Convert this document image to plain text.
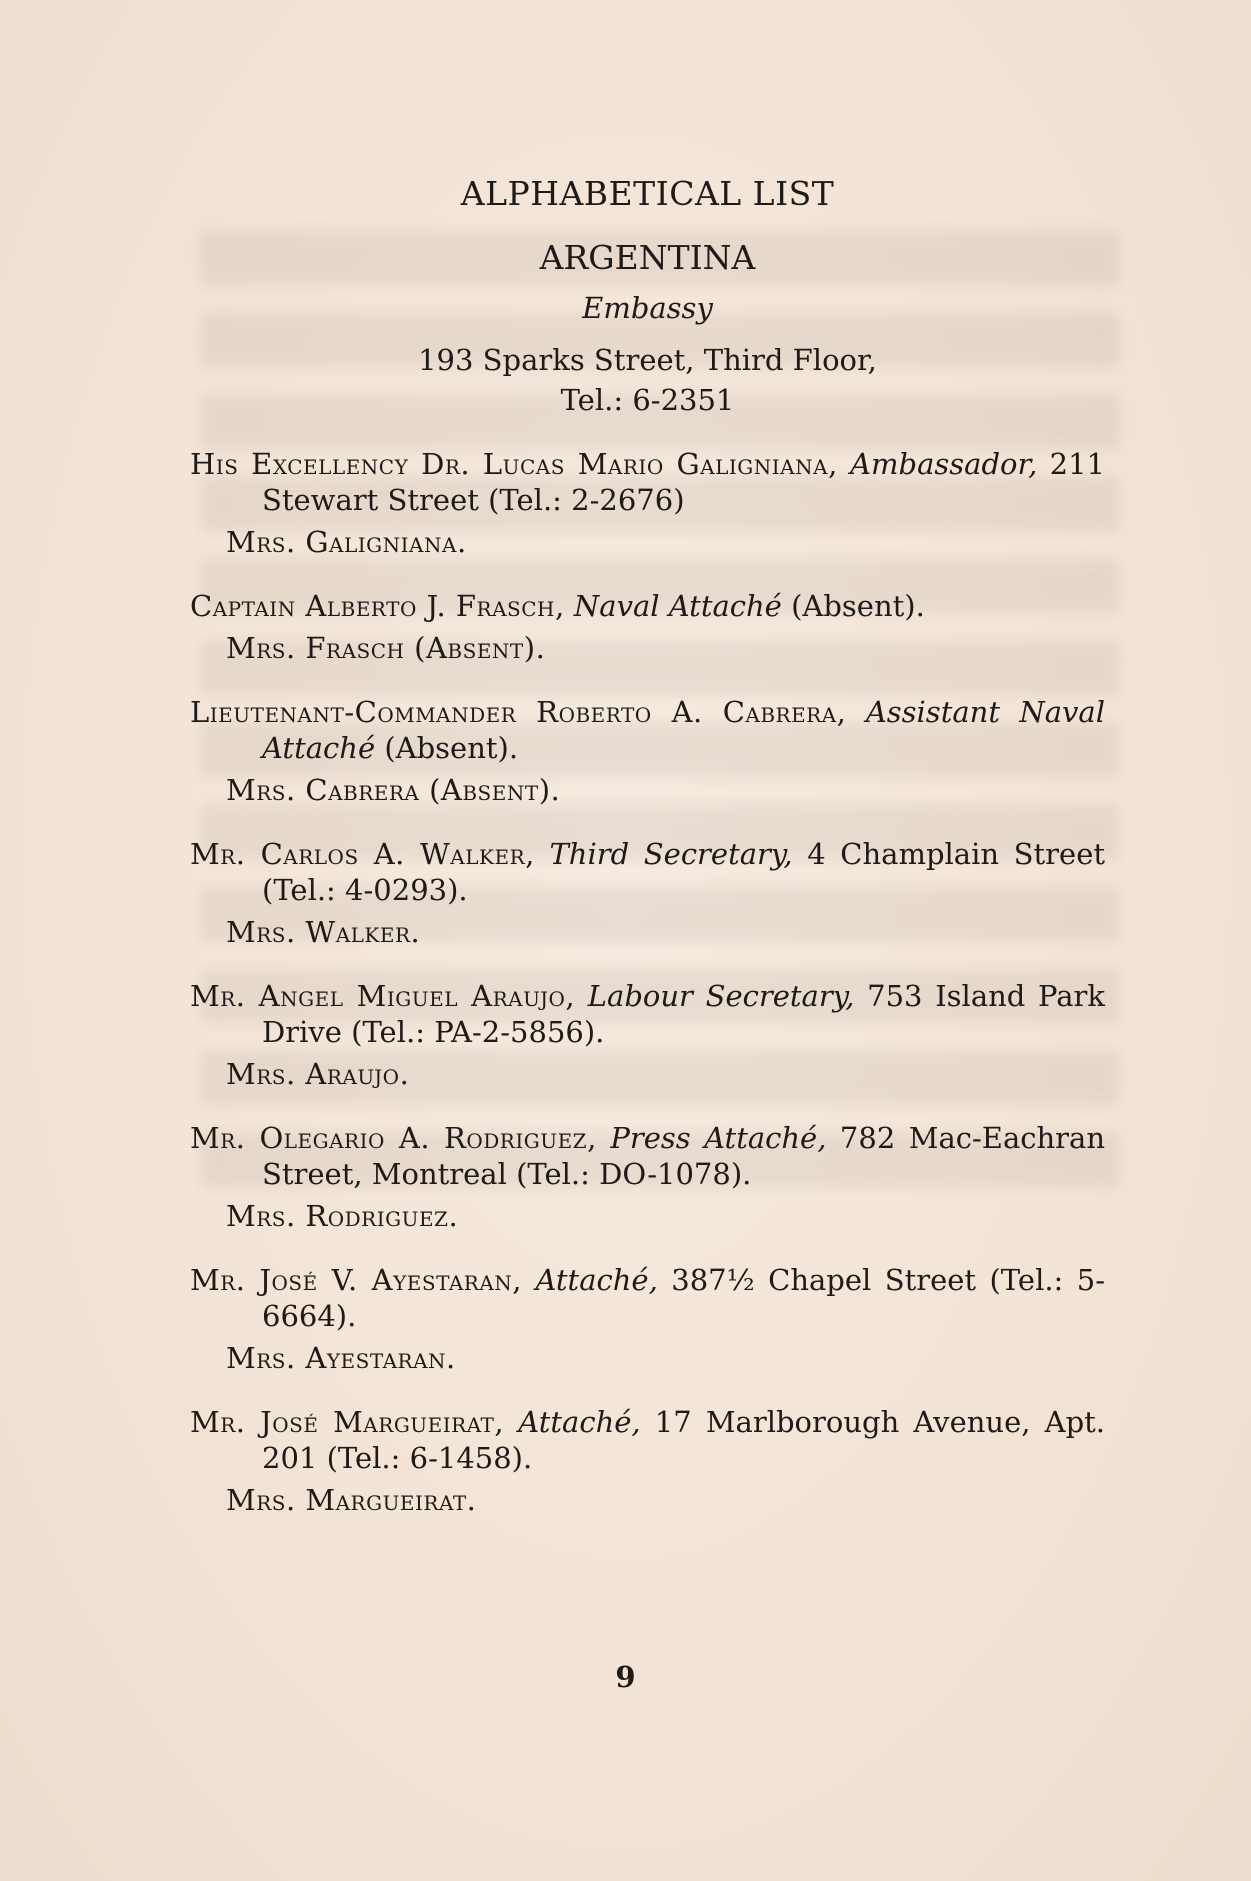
ALPHABETICAL LIST

ARGENTINA

Embassy

193 Sparks Street, Third Floor,

Tel.: 6-2351

His Excellency Dr. Lucas Mario Galigniana, Ambassador, 211 Stewart Street (Tel.: 2-2676)

Mrs. Galigniana.

Captain Alberto J. Frasch, Naval Attaché (Absent).

Mrs. Frasch (Absent).

Lieutenant-Commander Roberto A. Cabrera, Assistant Naval Attaché (Absent).

Mrs. Cabrera (Absent).

Mr. Carlos A. Walker, Third Secretary, 4 Champlain Street (Tel.: 4-0293).

Mrs. Walker.

Mr. Angel Miguel Araujo, Labour Secretary, 753 Island Park Drive (Tel.: PA-2-5856).

Mrs. Araujo.

Mr. Olegario A. Rodriguez, Press Attaché, 782 Mac-Eachran Street, Montreal (Tel.: DO-1078).

Mrs. Rodriguez.

Mr. José V. Ayestaran, Attaché, 387½ Chapel Street (Tel.: 5-6664).

Mrs. Ayestaran.

Mr. José Margueirat, Attaché, 17 Marlborough Avenue, Apt. 201 (Tel.: 6-1458).

Mrs. Margueirat.

9
